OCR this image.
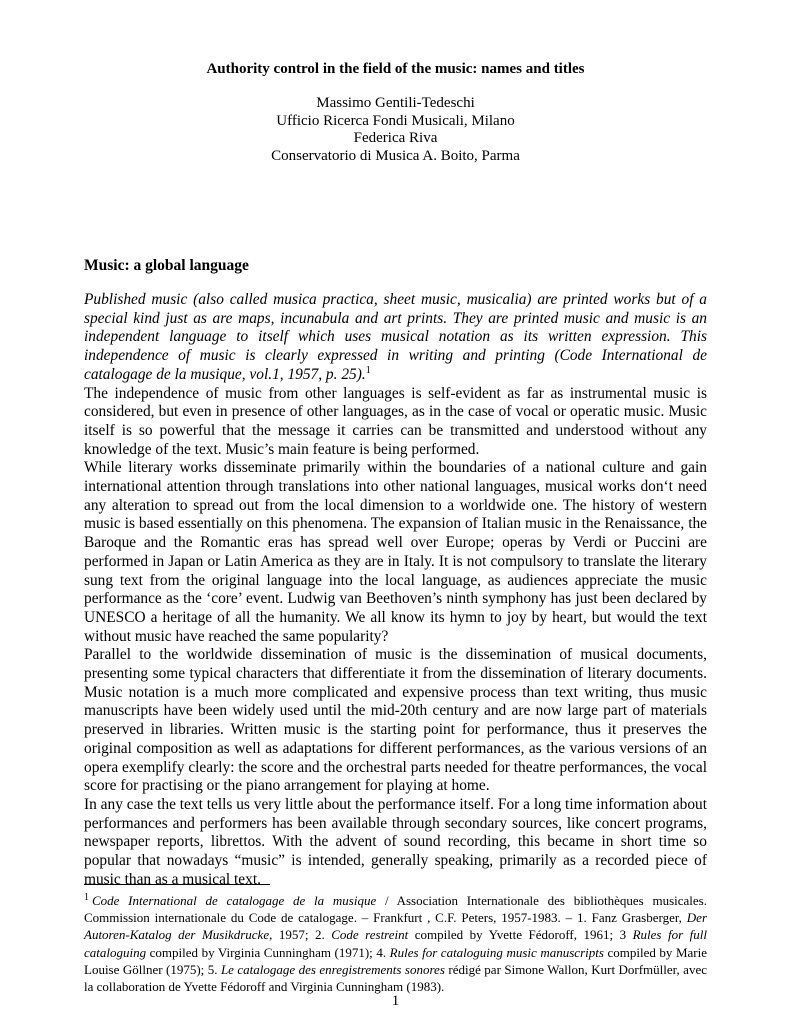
Authority control in the field of the music: names and titles
Massimo Gentili-Tedeschi
Ufficio Ricerca Fondi Musicali, Milano
Federica Riva
Conservatorio di Musica A. Boito, Parma
Music: a global language

Published music (also called musica practica, sheet music, musicalia) are printed works but of a special kind just as are maps, incunabula and art prints. They are printed music and music is an independent language to itself which uses musical notation as its written expression. This independence of music is clearly expressed in writing and printing (Code International de catalogage de la musique, vol.1, 1957, p. 25).$^1$

The independence of music from other languages is self-evident as far as instrumental music is considered, but even in presence of other languages, as in the case of vocal or operatic music. Music itself is so powerful that the message it carries can be transmitted and understood without any knowledge of the text. Music’s main feature is being performed.

While literary works disseminate primarily within the boundaries of a national culture and gain international attention through translations into other national languages, musical works don‘t need any alteration to spread out from the local dimension to a worldwide one. The history of western music is based essentially on this phenomena. The expansion of Italian music in the Renaissance, the Baroque and the Romantic eras has spread well over Europe; operas by Verdi or Puccini are performed in Japan or Latin America as they are in Italy. It is not compulsory to translate the literary sung text from the original language into the local language, as audiences appreciate the music performance as the ‘core’ event. Ludwig van Beethoven’s ninth symphony has just been declared by UNESCO a heritage of all the humanity. We all know its hymn to joy by heart, but would the text without music have reached the same popularity?

Parallel to the worldwide dissemination of music is the dissemination of musical documents, presenting some typical characters that differentiate it from the dissemination of literary documents. Music notation is a much more complicated and expensive process than text writing, thus music manuscripts have been widely used until the mid-20th century and are now large part of materials preserved in libraries. Written music is the starting point for performance, thus it preserves the original composition as well as adaptations for different performances, as the various versions of an opera exemplify clearly: the score and the orchestral parts needed for theatre performances, the vocal score for practising or the piano arrangement for playing at home.

In any case the text tells us very little about the performance itself. For a long time information about performances and performers has been available through secondary sources, like concert programs, newspaper reports, librettos. With the advent of sound recording, this became in short time so popular that nowadays “music” is intended, generally speaking, primarily as a recorded piece of music than as a musical text.

$^1$ Code International de catalogage de la musique / Association Internationale des bibliothèques musicales. Commission internationale du Code de catalogage. – Frankfurt , C.F. Peters, 1957-1983. – 1. Fanz Grasberger, Der Autoren-Katalog der Musikdrucke, 1957; 2. Code restreint compiled by Yvette Fédoroff, 1961; 3 Rules for full cataloguing compiled by Virginia Cunningham (1971); 4. Rules for cataloguing music manuscripts compiled by Marie Louise Göllner (1975); 5. Le catalogage des enregistrements sonores rédigé par Simone Wallon, Kurt Dorfmüller, avec la collaboration de Yvette Fédoroff and Virginia Cunningham (1983).
1
